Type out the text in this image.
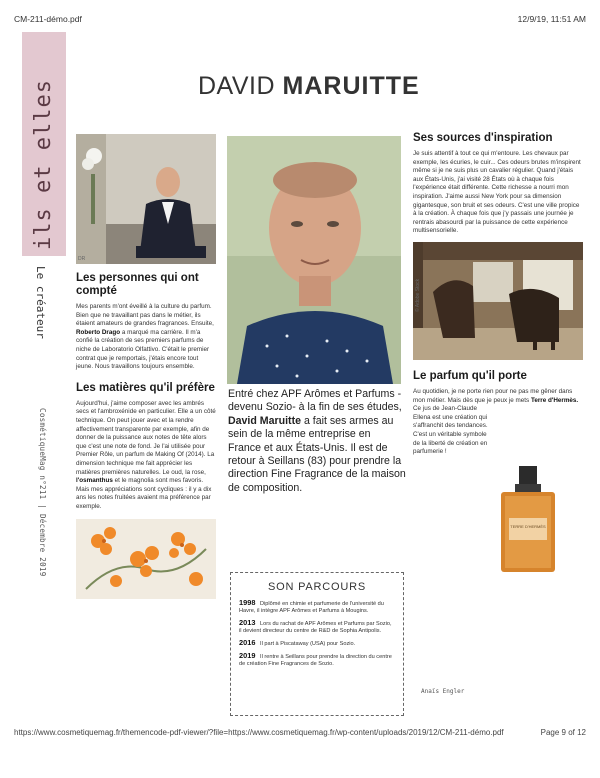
CM-211-démo.pdf	12/9/19, 11:51 AM
ils et elles
Le créateur
CosmétiqueMag n°211 | Décembre 2019
DAVID MARUITTE
DR
Les personnes qui ont compté
Mes parents m'ont éveillé à la culture du parfum. Bien que ne travaillant pas dans le métier, ils étaient amateurs de grandes fragrances. Ensuite, Roberto Drago a marqué ma carrière. Il m'a confié la création de ses premiers parfums de niche de Laboratorio Olfattivo. C'était le premier contrat que je remportais, j'étais encore tout jeune. Nous travaillons toujours ensemble.
Les matières qu'il préfère
Aujourd'hui, j'aime composer avec les ambrés secs et l'ambroxénide en particulier. Elle a un côté technique. On peut jouer avec et la rendre affectivement transparente par exemple, afin de donner de la puissance aux notes de tête alors que c'est une note de fond. Je l'ai utilisée pour Premier Rôle, un parfum de Making Of (2014). La dimension technique me fait apprécier les matières premières naturelles. Le oud, la rose, l'osmanthus et le magnolia sont mes favoris. Mais mes appréciations sont cycliques : il y a dix ans les notes fruitées avaient ma préférence par exemple.

Entré chez APF Arômes et Parfums -devenu Sozio- à la fin de ses études, David Maruitte a fait ses armes au sein de la même entreprise en France et aux États-Unis. Il est de retour à Seillans (83) pour prendre la direction Fine Fragrance de la maison de composition.

SON PARCOURS
1998 Diplômé en chimie et parfumerie de l'université du Havre, il intègre APF Arômes et Parfums à Mougins.
2013 Lors du rachat de APF Arômes et Parfums par Sozio, il devient directeur du centre de R&D de Sophia Antipolis.
2016 Il part à Piscataway (USA) pour Sozio.
2019 Il rentre à Seillans pour prendre la direction du centre de création Fine Fragrances de Sozio.
Ses sources d'inspiration
Je suis attentif à tout ce qui m'entoure. Les chevaux par exemple, les écuries, le cuir... Ces odeurs brutes m'inspirent même si je ne suis plus un cavalier régulier. Quand j'étais aux États-Unis, j'ai visité 28 États où à chaque fois l'expérience était différente. Cette richesse a nourri mon inspiration. J'aime aussi New York pour sa dimension gigantesque, son bruit et ses odeurs. C'est une ville propice à la création. À chaque fois que j'y passais une journée je rentrais abasourdi par la puissance de cette expérience multisensorielle.
© Adobe Stock
Le parfum qu'il porte
Au quotidien, je ne porte rien pour ne pas me gêner dans mon métier. Mais dès que je peux je mets Terre d'Hermès.
Ce jus de Jean-Claude Ellena est une création qui s'affranchit des tendances. C'est un véritable symbole de la liberté de création en parfumerie !
TERRE D'HERMÈS
Anaïs Engler
https://www.cosmetiquemag.fr/themencode-pdf-viewer/?file=https://www.cosmetiquemag.fr/wp-content/uploads/2019/12/CM-211-démo.pdf	Page 9 of 12
